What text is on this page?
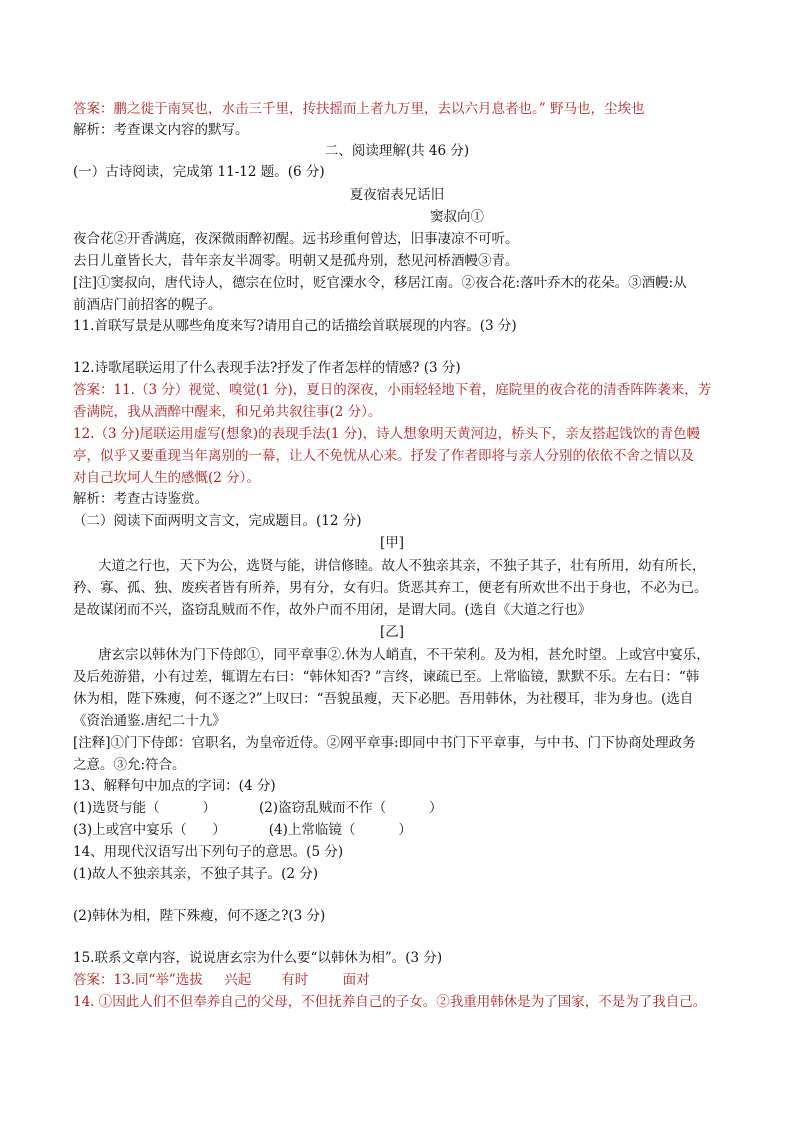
答案：鹏之徙于南冥也，水击三千里，抟扶摇而上者九万里，去以六月息者也。” 野马也，尘埃也
解析：考查课文内容的默写。
二、阅读理解(共 46 分)
(一）古诗阅读，完成第 11-12 题。(6 分)
夏夜宿表兄话旧
窦叔向①
夜合花②开香满庭，夜深微雨醉初醒。远书珍重何曾达，旧事凄凉不可听。
去日儿童皆长大，昔年亲友半凋零。明朝又是孤舟别，愁见河桥酒幔③青。
[注]①窦叔向，唐代诗人，德宗在位时，贬官溧水令，移居江南。②夜合花:落叶乔木的花朵。③酒幔:从
前酒店门前招客的幌子。
11.首联写景是从哪些角度来写?请用自己的话描绘首联展现的内容。(3 分)
12.诗歌尾联运用了什么表现手法?抒发了作者怎样的情感? (3 分)
答案：11.（3 分）视觉、嗅觉(1 分)，夏日的深夜，小雨轻轻地下着，庭院里的夜合花的清香阵阵袭来，芳
香满院，我从酒醉中醒来，和兄弟共叙往事(2 分）。
12.（3 分)尾联运用虚写(想象)的表现手法(1 分)，诗人想象明天黄河边，桥头下，亲友搭起饯饮的青色幔
亭，似乎又要重现当年离别的一幕，让人不免忧从心来。抒发了作者即将与亲人分别的依依不舍之情以及
对自己坎坷人生的感慨(2 分）。
解析：考查古诗鉴赏。
（二）阅读下面两明文言文，完成题目。(12 分)
[甲]
大道之行也，天下为公，选贤与能，讲信修睦。故人不独亲其亲，不独子其子，壮有所用，幼有所长，
矜、寡、孤、独、废疾者皆有所养，男有分，女有归。货恶其弃工，便老有所欢世不出于身也，不必为已。
是故谋闭而不兴，盗窃乱贼而不作，故外户而不用闭，是谓大同。(选自《大道之行也》
[乙]
唐玄宗以韩休为门下侍郎①，同平章事②.休为人峭直，不干荣利。及为相，甚允时望。上或宫中宴乐，
及后苑游猎，小有过差，辄谓左右曰：“韩休知否? ”言终，谏疏已至。上常临镜，默默不乐。左右日：“韩
休为相，陛下殊瘦，何不逐之?”上叹曰：“吾貌虽瘦，天下必肥。吾用韩休，为社稷耳，非为身也。(选自
《资治通鉴.唐纪二十九》
[注释]①门下侍郎：官职名，为皇帝近侍。②网平章事:即同中书门下平章事，与中书、门下协商处理政务
之意。③允:符合。
13、解释句中加点的字词：(4 分)
(1)选贤与能（          ）          (2)盗窃乱贼而不作（          ）
(3)上或宫中宴乐（      ）          (4)上常临镜（          ）
14、用现代汉语写出下列句子的意思。(5 分)
(1)故人不独亲其亲，不独子其子。(2 分)
(2)韩休为相，陛下殊瘦，何不逐之?(3 分)
15.联系文章内容，说说唐玄宗为什么要“以韩休为相”。(3 分)
答案：13.同“举”选拔     兴起       有时        面对
14. ①因此人们不但奉养自己的父母，不但抚养自己的子女。②我重用韩休是为了国家，不是为了我自己。
